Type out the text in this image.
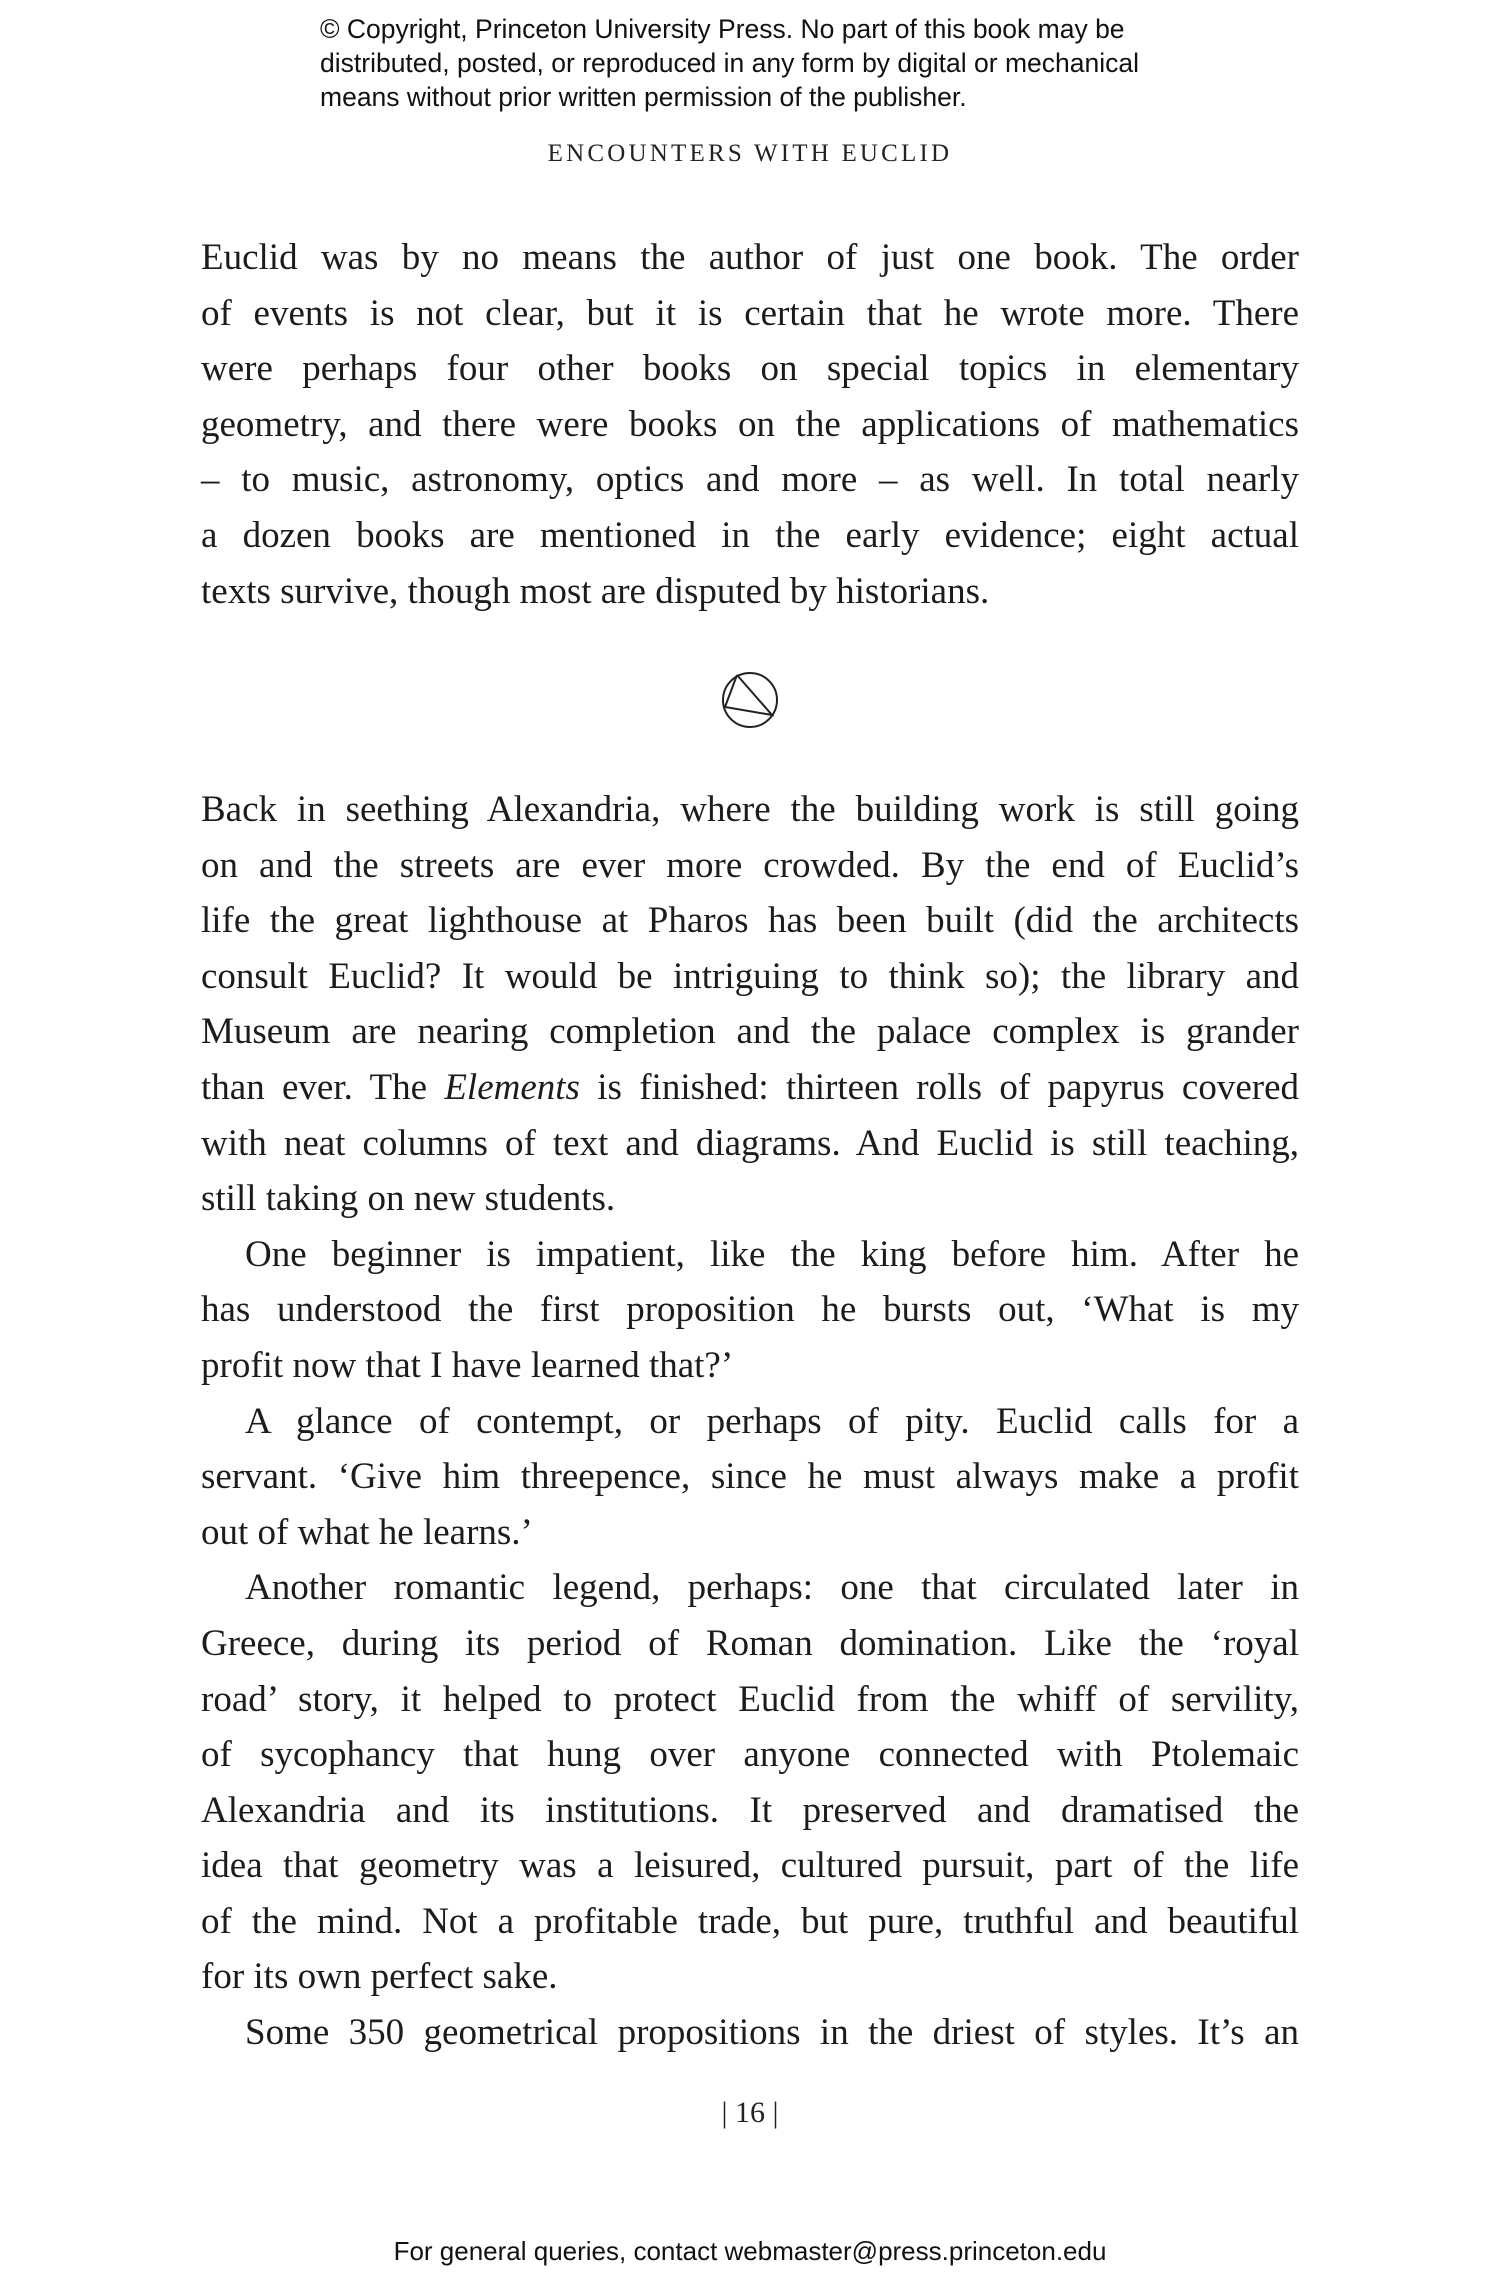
© Copyright, Princeton University Press. No part of this book may be
distributed, posted, or reproduced in any form by digital or mechanical
means without prior written permission of the publisher.
ENCOUNTERS WITH EUCLID
Euclid was by no means the author of just one book. The order
of events is not clear, but it is certain that he wrote more. There
were perhaps four other books on special topics in elementary
geometry, and there were books on the applications of mathematics
– to music, astronomy, optics and more – as well. In total nearly
a dozen books are mentioned in the early evidence; eight actual
texts survive, though most are disputed by historians.
Back in seething Alexandria, where the building work is still going
on and the streets are ever more crowded. By the end of Euclid’s
life the great lighthouse at Pharos has been built (did the architects
consult Euclid? It would be intriguing to think so); the library and
Museum are nearing completion and the palace complex is grander
than ever. The Elements is finished: thirteen rolls of papyrus covered
with neat columns of text and diagrams. And Euclid is still teaching,
still taking on new students.
One beginner is impatient, like the king before him. After he
has understood the first proposition he bursts out, ‘What is my
profit now that I have learned that?’
A glance of contempt, or perhaps of pity. Euclid calls for a
servant. ‘Give him threepence, since he must always make a profit
out of what he learns.’
Another romantic legend, perhaps: one that circulated later in
Greece, during its period of Roman domination. Like the ‘royal
road’ story, it helped to protect Euclid from the whiff of servility,
of sycophancy that hung over anyone connected with Ptolemaic
Alexandria and its institutions. It preserved and dramatised the
idea that geometry was a leisured, cultured pursuit, part of the life
of the mind. Not a profitable trade, but pure, truthful and beautiful
for its own perfect sake.
Some 350 geometrical propositions in the driest of styles. It’s an
| 16 |
For general queries, contact webmaster@press.princeton.edu
